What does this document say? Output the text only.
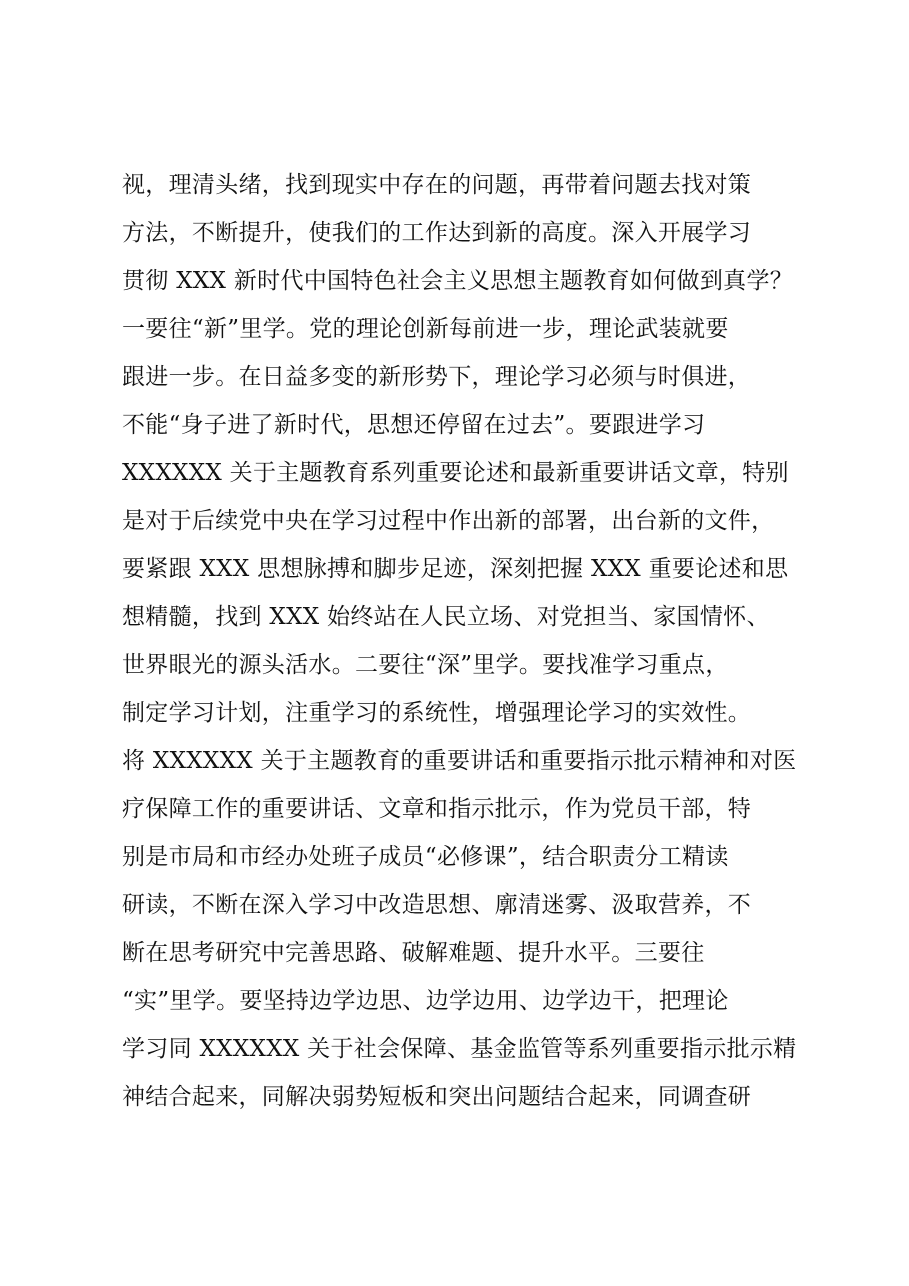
视，理清头绪，找到现实中存在的问题，再带着问题去找对策
方法，不断提升，使我们的工作达到新的高度。深入开展学习
贯彻 XXX 新时代中国特色社会主义思想主题教育如何做到真学？
一要往“新”里学。党的理论创新每前进一步，理论武装就要
跟进一步。在日益多变的新形势下，理论学习必须与时俱进，
不能“身子进了新时代，思想还停留在过去”。要跟进学习
XXXXXX 关于主题教育系列重要论述和最新重要讲话文章，特别
是对于后续党中央在学习过程中作出新的部署，出台新的文件，
要紧跟 XXX 思想脉搏和脚步足迹，深刻把握 XXX 重要论述和思
想精髓，找到 XXX 始终站在人民立场、对党担当、家国情怀、
世界眼光的源头活水。二要往“深”里学。要找准学习重点，
制定学习计划，注重学习的系统性，增强理论学习的实效性。
将 XXXXXX 关于主题教育的重要讲话和重要指示批示精神和对医
疗保障工作的重要讲话、文章和指示批示，作为党员干部，特
别是市局和市经办处班子成员“必修课”，结合职责分工精读
研读，不断在深入学习中改造思想、廓清迷雾、汲取营养，不
断在思考研究中完善思路、破解难题、提升水平。三要往
“实”里学。要坚持边学边思、边学边用、边学边干，把理论
学习同 XXXXXX 关于社会保障、基金监管等系列重要指示批示精
神结合起来，同解决弱势短板和突出问题结合起来，同调查研
